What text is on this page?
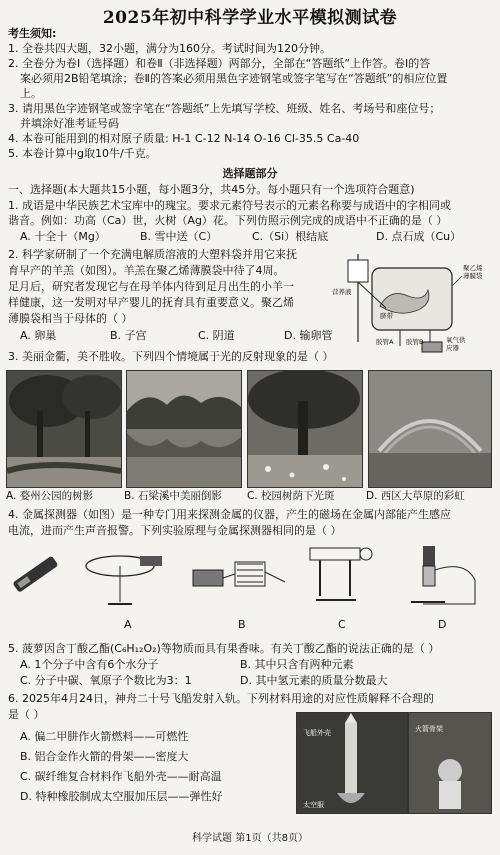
2025年初中科学学业水平模拟测试卷
考生须知:
1. 全卷共四大题，32小题，满分为160分。考试时间为120分钟。
2. 全卷分为卷Ⅰ（选择题）和卷Ⅱ（非选择题）两部分，全部在“答题纸”上作答。卷Ⅰ的答
案必须用2B铅笔填涂；卷Ⅱ的答案必须用黑色字迹钢笔或签字笔写在“答题纸”的相应位置
上。
3. 请用黑色字迹钢笔或签字笔在“答题纸”上先填写学校、班级、姓名、考场号和座位号；
并填涂好准考证号码
4. 本卷可能用到的相对原子质量: H-1 C-12 N-14 O-16 Cl-35.5 Ca-40
5. 本卷计算中g取10牛/千克。
选择题部分
一、选择题(本大题共15小题，每小题3分，共45分。每小题只有一个选项符合题意)
1. 成语是中华民族艺术宝库中的瑰宝。要求元素符号表示的元素名称要与成语中的字相同或
谐音。例如：功高（Ca）世，火树（Ag）花。下列仿照示例完成的成语中不正确的是（ ）
A. 十全十（Mg）	B. 雪中送（C）	C.（Si）根结底	D. 点石成（Cu）
2. 科学家研制了一个充满电解质溶液的大塑料袋并用它来抚
育早产的羊羔（如图）。羊羔在聚乙烯薄膜袋中待了4周。
足月后，研究者发现它与在母羊体内待到足月出生的小羊一
样健康，这一发明对早产婴儿的抚育具有重要意义。聚乙烯
薄膜袋相当于母体的（ ）
A. 卵巢	B. 子宫	C. 阴道	D. 输卵管
聚乙烯
薄膜袋
营养液
脐带
胶管A 胶管B	氧气供
应器
3. 美丽金衢，美不胜收。下列四个情境属于光的反射现象的是（ ）
A. 婺州公园的树影	B. 石梁溪中美丽倒影 C. 校园树荫下光斑	D. 西区大草原的彩虹
4. 金属探测器（如图）是一种专门用来探测金属的仪器，产生的磁场在金属内部能产生感应
电流，进而产生声音报警。下列实验原理与金属探测器相同的是（ ）
A	B	C	D
5. 菠萝因含丁酸乙酯(C₆H₁₂O₂)等物质而具有果香味。有关丁酸乙酯的说法正确的是（ ）
A. 1个分子中含有6个水分子	B. 其中只含有两种元素
C. 分子中碳、氧原子个数比为3：1	D. 其中氢元素的质量分数最大
6. 2025年4月24日，神舟二十号飞船发射入轨。下列材料用途的对应性质解释不合理的
是（ ）
A. 偏二甲肼作火箭燃料——可燃性
B. 铝合金作火箭的骨架——密度大
C. 碳纤维复合材料作飞船外壳——耐高温
D. 特种橡胶制成太空服加压层——弹性好
飞船外壳
太空服
火箭骨架
科学试题 第1页（共8页）
